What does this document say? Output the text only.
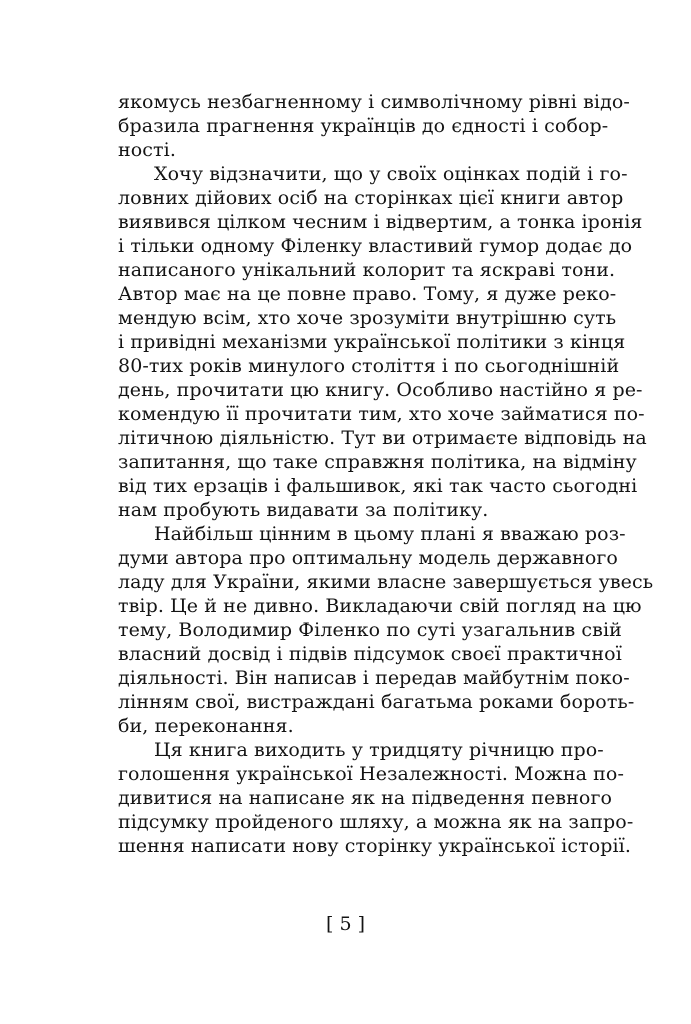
якомусь незбагненному і символічному рівні відо-
бразила прагнення українців до єдності і собор-
ності.
Хочу відзначити, що у своїх оцінках подій і го-
ловних дійових осіб на сторінках цієї книги автор
виявився цілком чесним і відвертим, а тонка іронія
і тільки одному Філенку властивий гумор додає до
написаного унікальний колорит та яскраві тони.
Автор має на це повне право. Тому, я дуже реко-
мендую всім, хто хоче зрозуміти внутрішню суть
і привідні механізми української політики з кінця
80-тих років минулого століття і по сьогоднішній
день, прочитати цю книгу. Особливо настійно я ре-
комендую її прочитати тим, хто хоче займатися по-
літичною діяльністю. Тут ви отримаєте відповідь на
запитання, що таке справжня політика, на відміну
від тих ерзаців і фальшивок, які так часто сьогодні
нам пробують видавати за політику.
Найбільш цінним в цьому плані я вважаю роз-
думи автора про оптимальну модель державного
ладу для України, якими власне завершується увесь
твір. Це й не дивно. Викладаючи свій погляд на цю
тему, Володимир Філенко по суті узагальнив свій
власний досвід і підвів підсумок своєї практичної
діяльності. Він написав і передав майбутнім поко-
лінням свої, вистраждані багатьма роками бороть-
би, переконання.
Ця книга виходить у тридцяту річницю про-
голошення української Незалежності. Можна по-
дивитися на написане як на підведення певного
підсумку пройденого шляху, а можна як на запро-
шення написати нову сторінку української історії.
[ 5 ]
